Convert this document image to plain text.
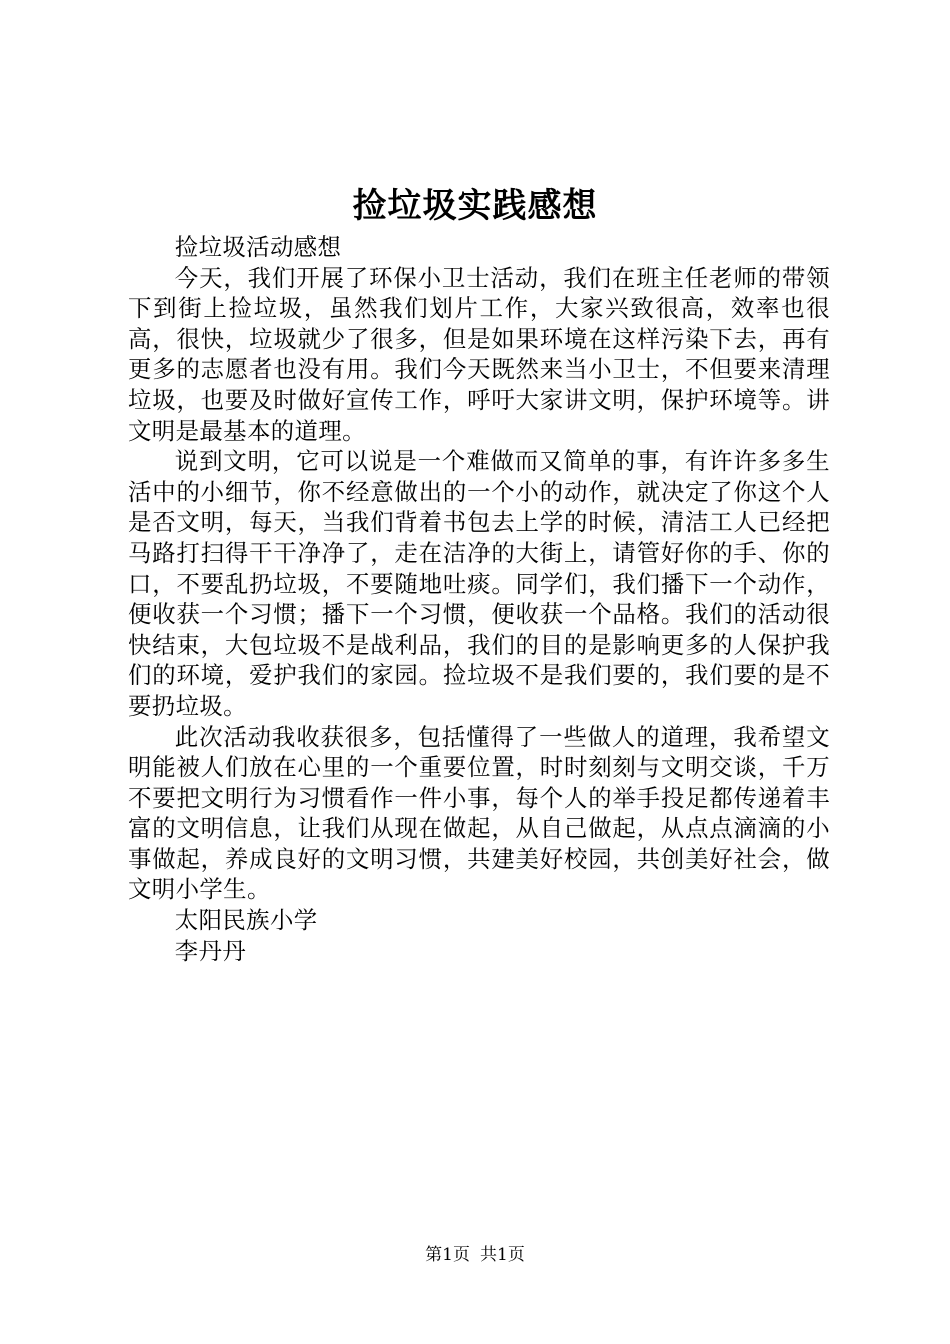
捡垃圾实践感想

捡垃圾活动感想

今天，我们开展了环保小卫士活动，我们在班主任老师的带领下到街上捡垃圾，虽然我们划片工作，大家兴致很高，效率也很高，很快，垃圾就少了很多，但是如果环境在这样污染下去，再有更多的志愿者也没有用。我们今天既然来当小卫士，不但要来清理垃圾，也要及时做好宣传工作，呼吁大家讲文明，保护环境等。讲文明是最基本的道理。

说到文明，它可以说是一个难做而又简单的事，有许许多多生活中的小细节，你不经意做出的一个小的动作，就决定了你这个人是否文明，每天，当我们背着书包去上学的时候，清洁工人已经把马路打扫得干干净净了，走在洁净的大街上，请管好你的手、你的口，不要乱扔垃圾，不要随地吐痰。同学们，我们播下一个动作，便收获一个习惯；播下一个习惯，便收获一个品格。我们的活动很快结束，大包垃圾不是战利品，我们的目的是影响更多的人保护我们的环境，爱护我们的家园。捡垃圾不是我们要的，我们要的是不要扔垃圾。

此次活动我收获很多，包括懂得了一些做人的道理，我希望文明能被人们放在心里的一个重要位置，时时刻刻与文明交谈，千万不要把文明行为习惯看作一件小事，每个人的举手投足都传递着丰富的文明信息，让我们从现在做起，从自己做起，从点点滴滴的小事做起，养成良好的文明习惯，共建美好校园，共创美好社会，做文明小学生。

太阳民族小学

李丹丹

第1页 共1页
